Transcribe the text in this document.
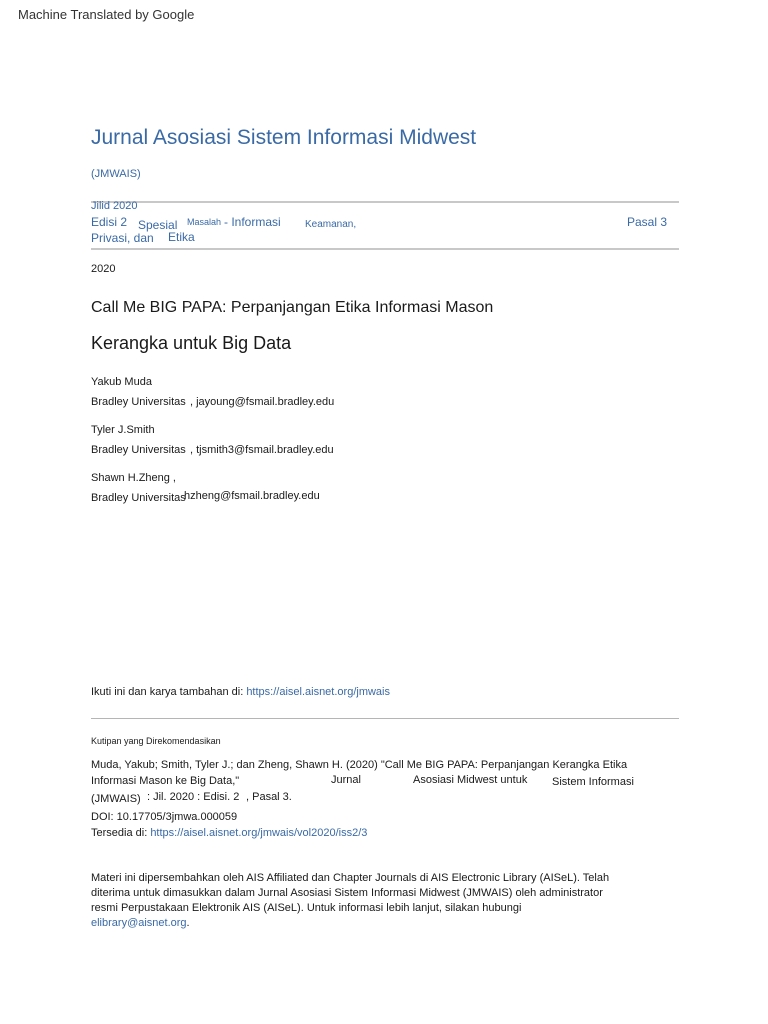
Machine Translated by Google
Jurnal Asosiasi Sistem Informasi Midwest
(JMWAIS)
Jilid 2020
Edisi 2 Spesial Masalah - Informasi Keamanan,	Pasal 3
Privasi, dan Etika
2020
Call Me BIG PAPA: Perpanjangan Etika Informasi Mason
Kerangka untuk Big Data
Yakub Muda
Bradley Universitas , jayoung@fsmail.bradley.edu
Tyler J.Smith
Bradley Universitas , tjsmith3@fsmail.bradley.edu
Shawn H.Zheng ,
Bradley Universitas
hzheng@fsmail.bradley.edu
Ikuti ini dan karya tambahan di: https://aisel.aisnet.org/jmwais
Kutipan yang Direkomendasikan
Muda, Yakub; Smith, Tyler J.; dan Zheng, Shawn H. (2020) "Call Me BIG PAPA: Perpanjangan Kerangka Etika
Informasi Mason ke Big Data,"	Jurnal	Asosiasi Midwest untuk Sistem Informasi
(JMWAIS) : Jil. 2020 : Edisi. 2 , Pasal 3.
DOI: 10.17705/3jmwa.000059
Tersedia di: https://aisel.aisnet.org/jmwais/vol2020/iss2/3
Materi ini dipersembahkan oleh AIS Affiliated dan Chapter Journals di AIS Electronic Library (AISeL). Telah
diterima untuk dimasukkan dalam Jurnal Asosiasi Sistem Informasi Midwest (JMWAIS) oleh administrator
resmi Perpustakaan Elektronik AIS (AISeL). Untuk informasi lebih lanjut, silakan hubungi
elibrary@aisnet.org.
